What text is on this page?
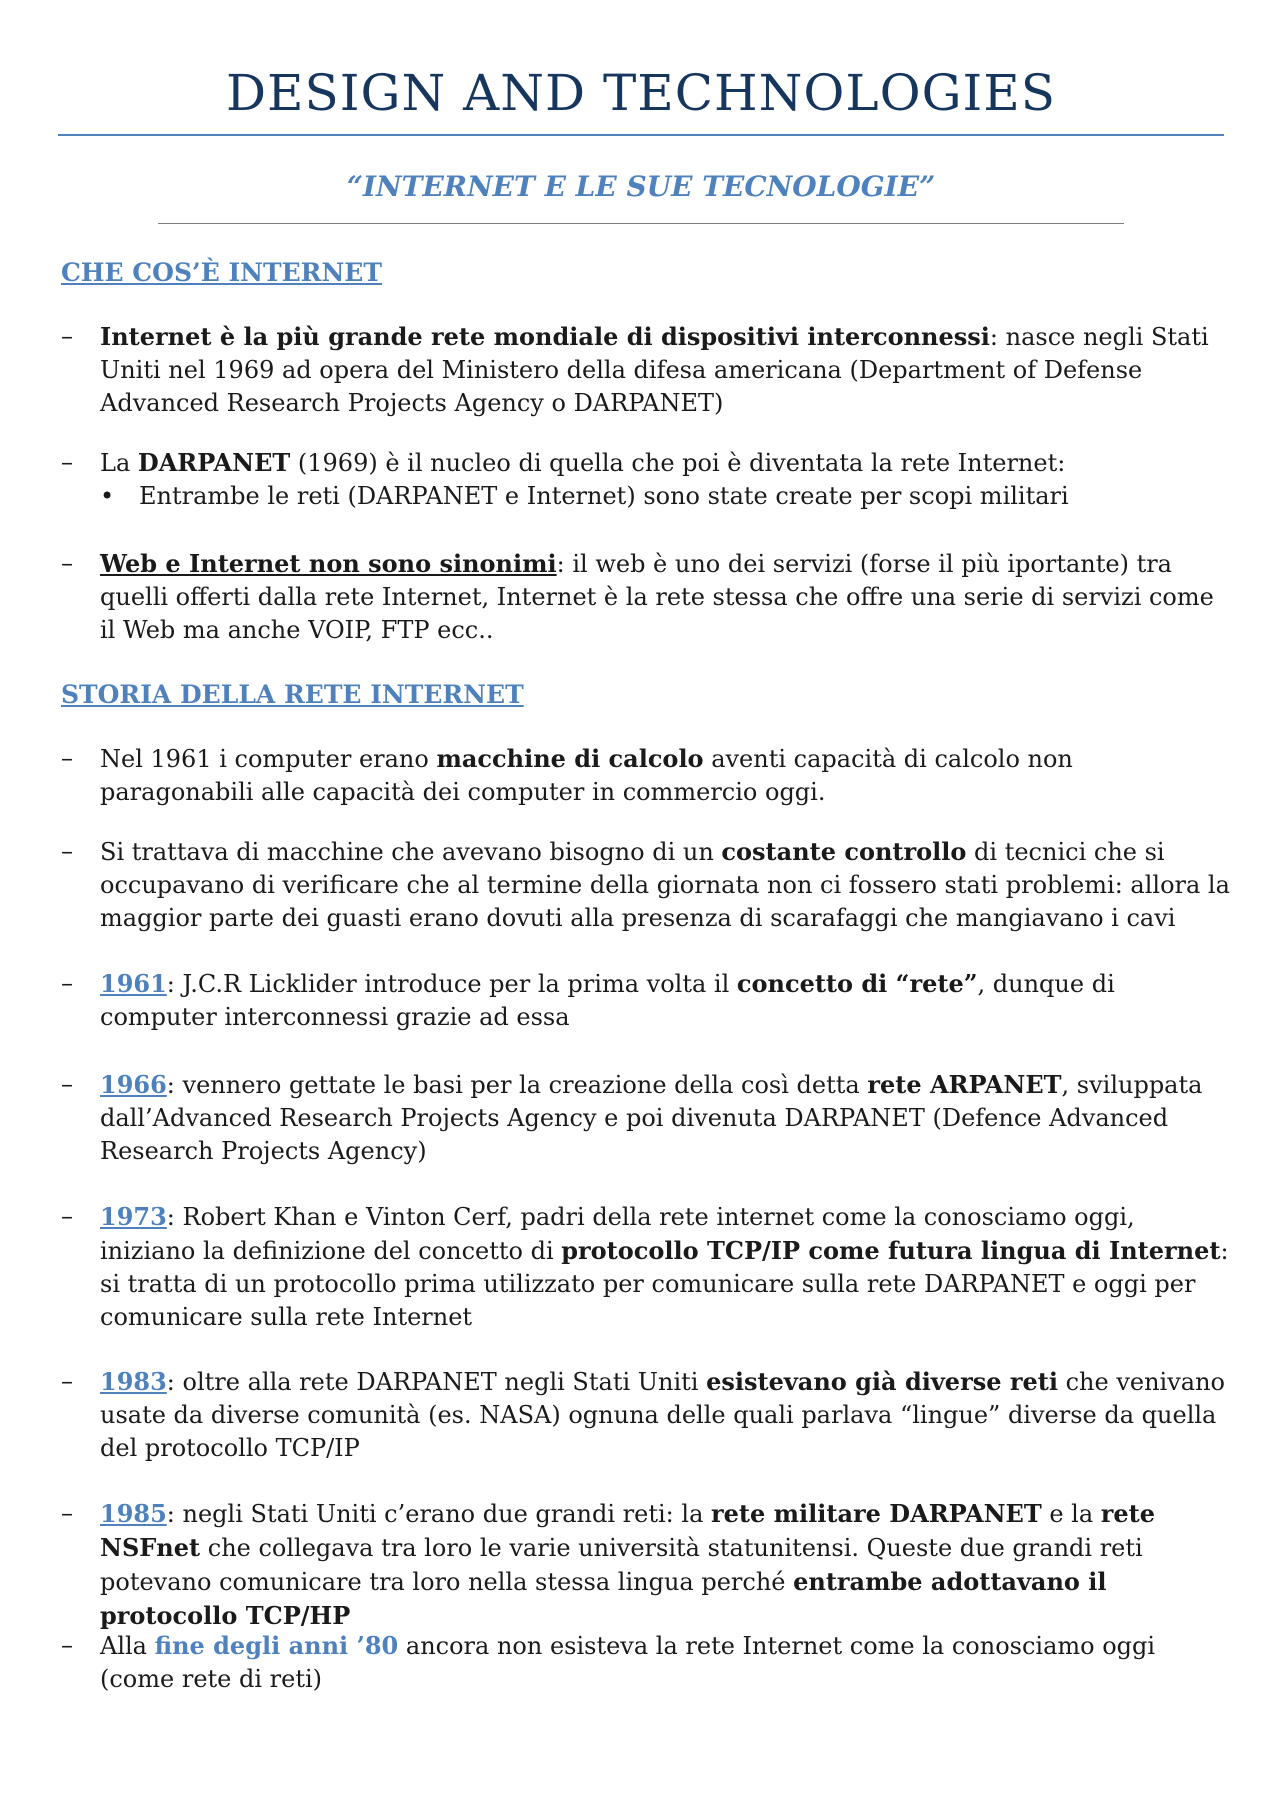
DESIGN AND TECHNOLOGIES
“INTERNET E LE SUE TECNOLOGIE”
CHE COS’È INTERNET
–	Internet è la più grande rete mondiale di dispositivi interconnessi: nasce negli Stati Uniti nel 1969 ad opera del Ministero della difesa americana (Department of Defense Advanced Research Projects Agency o DARPANET)
–	La DARPANET (1969) è il nucleo di quella che poi è diventata la rete Internet:
• Entrambe le reti (DARPANET e Internet) sono state create per scopi militari
–	Web e Internet non sono sinonimi: il web è uno dei servizi (forse il più iportante) tra quelli offerti dalla rete Internet, Internet è la rete stessa che offre una serie di servizi come il Web ma anche VOIP, FTP ecc..
STORIA DELLA RETE INTERNET
–	Nel 1961 i computer erano macchine di calcolo aventi capacità di calcolo non paragonabili alle capacità dei computer in commercio oggi.
–	Si trattava di macchine che avevano bisogno di un costante controllo di tecnici che si occupavano di verificare che al termine della giornata non ci fossero stati problemi: allora la maggior parte dei guasti erano dovuti alla presenza di scarafaggi che mangiavano i cavi
–	1961: J.C.R Licklider introduce per la prima volta il concetto di “rete”, dunque di computer interconnessi grazie ad essa
–	1966: vennero gettate le basi per la creazione della così detta rete ARPANET, sviluppata dall’Advanced Research Projects Agency e poi divenuta DARPANET (Defence Advanced Research Projects Agency)
–	1973: Robert Khan e Vinton Cerf, padri della rete internet come la conosciamo oggi, iniziano la definizione del concetto di protocollo TCP/IP come futura lingua di Internet: si tratta di un protocollo prima utilizzato per comunicare sulla rete DARPANET e oggi per comunicare sulla rete Internet
–	1983: oltre alla rete DARPANET negli Stati Uniti esistevano già diverse reti che venivano usate da diverse comunità (es. NASA) ognuna delle quali parlava “lingue” diverse da quella del protocollo TCP/IP
–	1985: negli Stati Uniti c’erano due grandi reti: la rete militare DARPANET e la rete NSFnet che collegava tra loro le varie università statunitensi. Queste due grandi reti potevano comunicare tra loro nella stessa lingua perché entrambe adottavano il protocollo TCP/HP
–	Alla fine degli anni ’80 ancora non esisteva la rete Internet come la conosciamo oggi (come rete di reti)
